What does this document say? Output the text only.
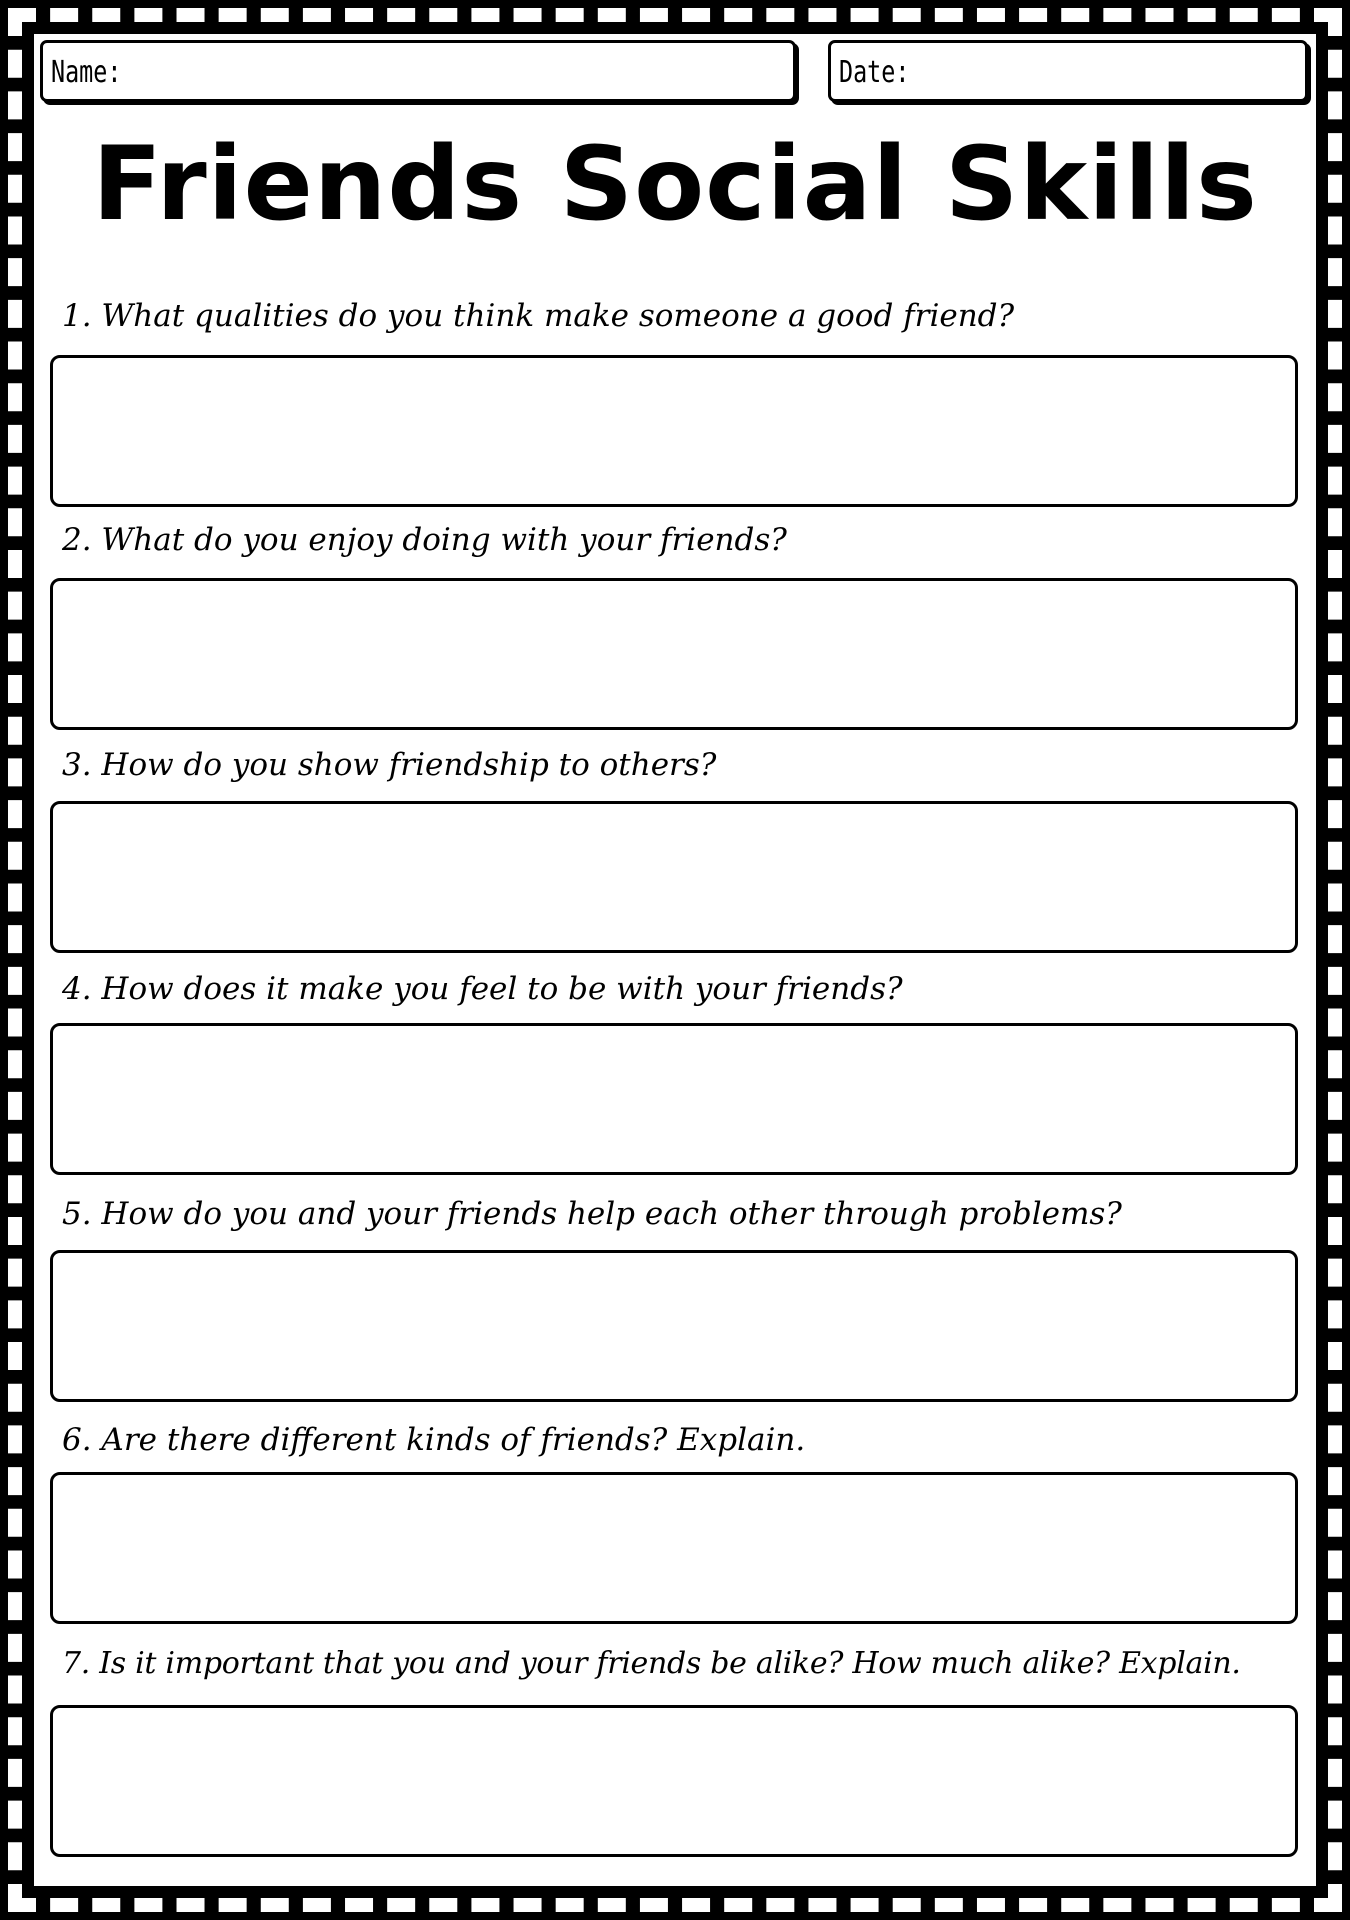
Name:	Date:
Friends Social Skills
1. What qualities do you think make someone a good friend?
2. What do you enjoy doing with your friends?
3. How do you show friendship to others?
4. How does it make you feel to be with your friends?
5. How do you and your friends help each other through problems?
6. Are there different kinds of friends? Explain.
7. Is it important that you and your friends be alike? How much alike? Explain.
